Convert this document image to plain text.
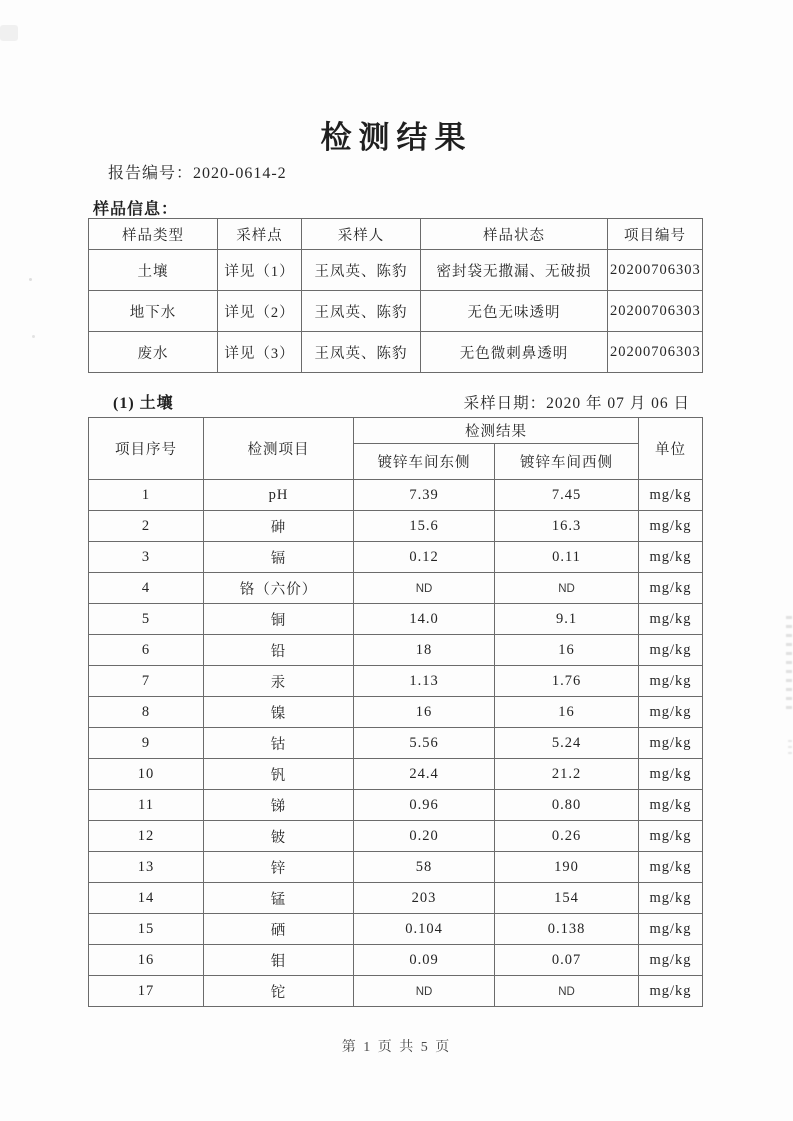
检测结果
报告编号：2020-0614-2
样品信息：
样品类型	采样点	采样人	样品状态	项目编号
土壤	详见（1）	王凤英、陈豹	密封袋无撒漏、无破损	20200706303
地下水	详见（2）	王凤英、陈豹	无色无味透明	20200706303
废水	详见（3）	王凤英、陈豹	无色微刺鼻透明	20200706303
(1) 土壤	采样日期：2020 年 07 月 06 日
项目序号	检测项目	检测结果		单位
		镀锌车间东侧	镀锌车间西侧	
1	pH	7.39	7.45	mg/kg
2	砷	15.6	16.3	mg/kg
3	镉	0.12	0.11	mg/kg
4	铬（六价）	ND	ND	mg/kg
5	铜	14.0	9.1	mg/kg
6	铅	18	16	mg/kg
7	汞	1.13	1.76	mg/kg
8	镍	16	16	mg/kg
9	钴	5.56	5.24	mg/kg
10	钒	24.4	21.2	mg/kg
11	锑	0.96	0.80	mg/kg
12	铍	0.20	0.26	mg/kg
13	锌	58	190	mg/kg
14	锰	203	154	mg/kg
15	硒	0.104	0.138	mg/kg
16	钼	0.09	0.07	mg/kg
17	铊	ND	ND	mg/kg
第 1 页 共 5 页
